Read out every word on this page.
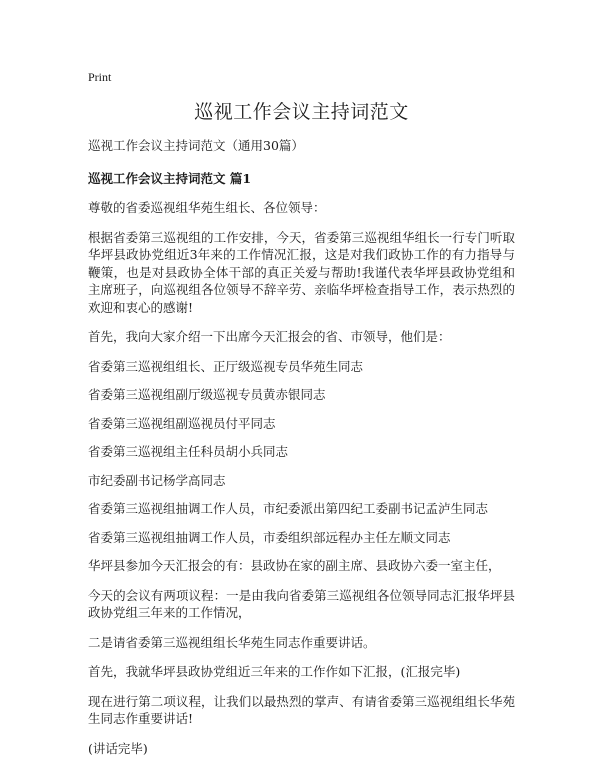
Print
巡视工作会议主持词范文

巡视工作会议主持词范文（通用30篇）

巡视工作会议主持词范文 篇1

尊敬的省委巡视组华苑生组长、各位领导：

根据省委第三巡视组的工作安排，今天，省委第三巡视组华组长一行专门听取华坪县政协党组近3年来的工作情况汇报，这是对我们政协工作的有力指导与鞭策，也是对县政协全体干部的真正关爱与帮助!我谨代表华坪县政协党组和主席班子，向巡视组各位领导不辞辛劳、亲临华坪检查指导工作，表示热烈的欢迎和衷心的感谢!

首先，我向大家介绍一下出席今天汇报会的省、市领导，他们是：

省委第三巡视组组长、正厅级巡视专员华苑生同志

省委第三巡视组副厅级巡视专员黄赤银同志

省委第三巡视组副巡视员付平同志

省委第三巡视组主任科员胡小兵同志

市纪委副书记杨学高同志

省委第三巡视组抽调工作人员，市纪委派出第四纪工委副书记孟泸生同志

省委第三巡视组抽调工作人员，市委组织部远程办主任左顺文同志

华坪县参加今天汇报会的有：县政协在家的副主席、县政协六委一室主任，

今天的会议有两项议程：一是由我向省委第三巡视组各位领导同志汇报华坪县政协党组三年来的工作情况，

二是请省委第三巡视组组长华苑生同志作重要讲话。

首先，我就华坪县政协党组近三年来的工作作如下汇报，(汇报完毕)

现在进行第二项议程，让我们以最热烈的掌声、有请省委第三巡视组组长华苑生同志作重要讲话!

(讲话完毕)
